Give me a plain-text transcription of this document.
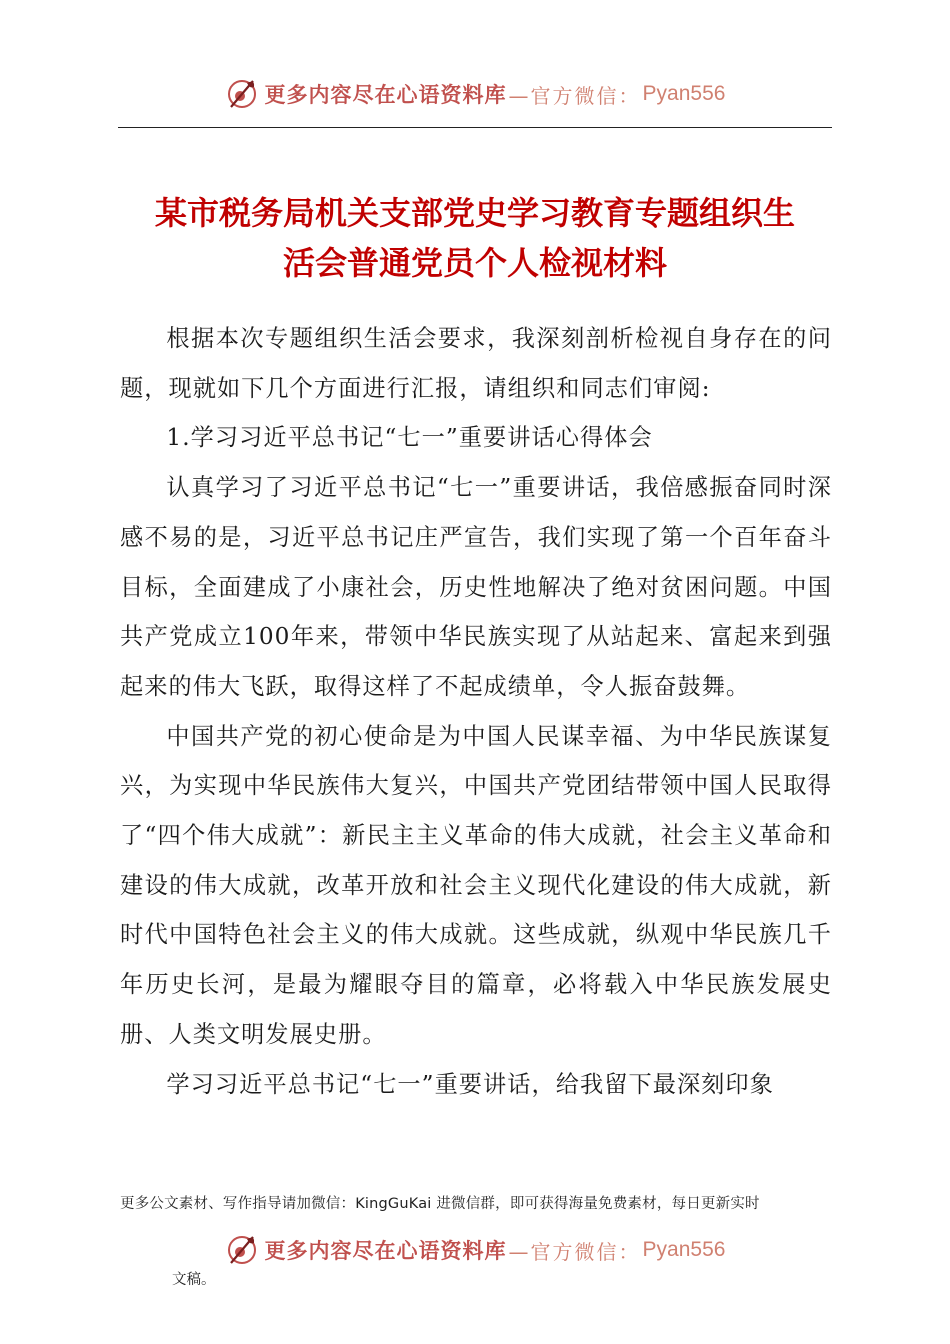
更多内容尽在心语资料库 —官方微信： Pyan556
某市税务局机关支部党史学习教育专题组织生
活会普通党员个人检视材料

根据本次专题组织生活会要求，我深刻剖析检视自身存在的问题，现就如下几个方面进行汇报，请组织和同志们审阅:

1.学习习近平总书记“七一”重要讲话心得体会

认真学习了习近平总书记“七一”重要讲话，我倍感振奋同时深感不易的是，习近平总书记庄严宣告，我们实现了第一个百年奋斗目标，全面建成了小康社会，历史性地解决了绝对贫困问题。中国共产党成立100年来，带领中华民族实现了从站起来、富起来到强起来的伟大飞跃，取得这样了不起成绩单，令人振奋鼓舞。

中国共产党的初心使命是为中国人民谋幸福、为中华民族谋复兴，为实现中华民族伟大复兴，中国共产党团结带领中国人民取得了“四个伟大成就”：新民主主义革命的伟大成就，社会主义革命和建设的伟大成就，改革开放和社会主义现代化建设的伟大成就，新时代中国特色社会主义的伟大成就。这些成就，纵观中华民族几千年历史长河，是最为耀眼夺目的篇章，必将载入中华民族发展史册、人类文明发展史册。

学习习近平总书记“七一”重要讲话，给我留下最深刻印象

更多公文素材、写作指导请加微信：KingGuKai 进微信群，即可获得海量免费素材，每日更新实时
更多内容尽在心语资料库 —官方微信： Pyan556
文稿。
